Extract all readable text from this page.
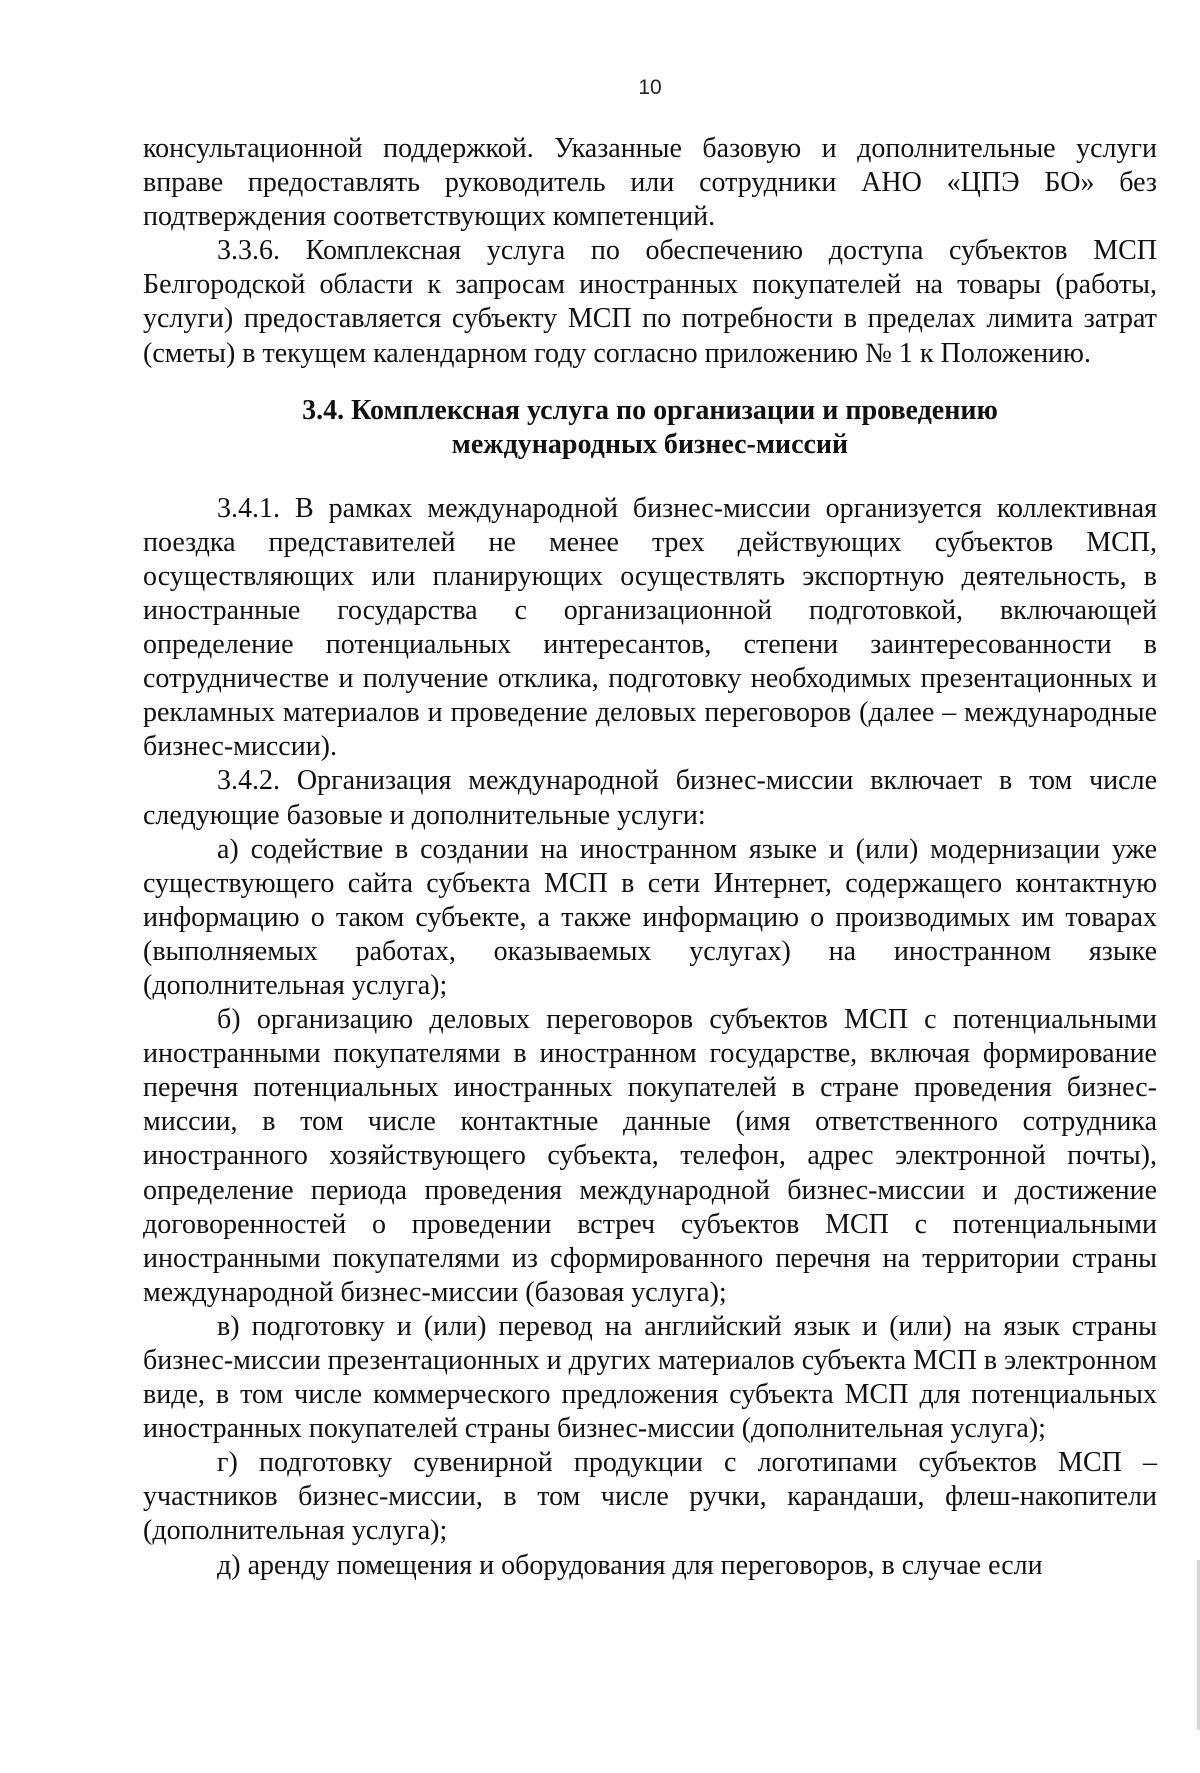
10

консультационной поддержкой. Указанные базовую и дополнительные услуги вправе предоставлять руководитель или сотрудники АНО «ЦПЭ БО» без подтверждения соответствующих компетенций.

3.3.6. Комплексная услуга по обеспечению доступа субъектов МСП Белгородской области к запросам иностранных покупателей на товары (работы, услуги) предоставляется субъекту МСП по потребности в пределах лимита затрат (сметы) в текущем календарном году согласно приложению № 1 к Положению.

3.4. Комплексная услуга по организации и проведению

международных бизнес-миссий

3.4.1. В рамках международной бизнес-миссии организуется коллективная поездка представителей не менее трех действующих субъектов МСП, осуществляющих или планирующих осуществлять экспортную деятельность, в иностранные государства с организационной подготовкой, включающей определение потенциальных интересантов, степени заинтересованности в сотрудничестве и получение отклика, подготовку необходимых презентационных и рекламных материалов и проведение деловых переговоров (далее – международные бизнес-миссии).

3.4.2. Организация международной бизнес-миссии включает в том числе следующие базовые и дополнительные услуги:

а) содействие в создании на иностранном языке и (или) модернизации уже существующего сайта субъекта МСП в сети Интернет, содержащего контактную информацию о таком субъекте, а также информацию о производимых им товарах (выполняемых работах, оказываемых услугах) на иностранном языке (дополнительная услуга);

б) организацию деловых переговоров субъектов МСП с потенциальными иностранными покупателями в иностранном государстве, включая формирование перечня потенциальных иностранных покупателей в стране проведения бизнес-миссии, в том числе контактные данные (имя ответственного сотрудника иностранного хозяйствующего субъекта, телефон, адрес электронной почты), определение периода проведения международной бизнес-миссии и достижение договоренностей о проведении встреч субъектов МСП с потенциальными иностранными покупателями из сформированного перечня на территории страны международной бизнес-миссии (базовая услуга);

в) подготовку и (или) перевод на английский язык и (или) на язык страны бизнес-миссии презентационных и других материалов субъекта МСП в электронном виде, в том числе коммерческого предложения субъекта МСП для потенциальных иностранных покупателей страны бизнес-миссии (дополнительная услуга);

г) подготовку сувенирной продукции с логотипами субъектов МСП – участников бизнес-миссии, в том числе ручки, карандаши, флеш-накопители (дополнительная услуга);

д) аренду помещения и оборудования для переговоров, в случае если
